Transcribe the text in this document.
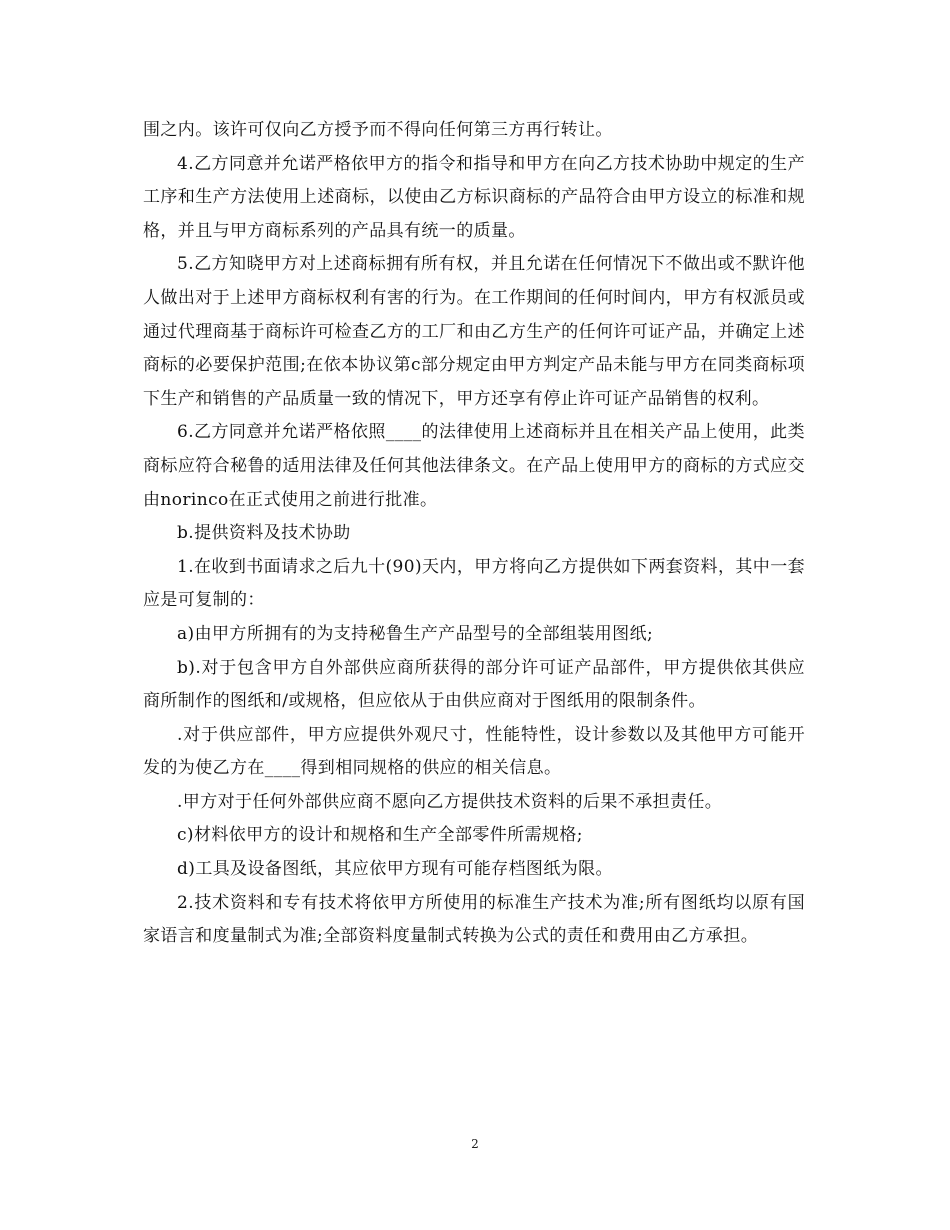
围之内。该许可仅向乙方授予而不得向任何第三方再行转让。

4.乙方同意并允诺严格依甲方的指令和指导和甲方在向乙方技术协助中规定的生产工序和生产方法使用上述商标，以使由乙方标识商标的产品符合由甲方设立的标准和规格，并且与甲方商标系列的产品具有统一的质量。

5.乙方知晓甲方对上述商标拥有所有权，并且允诺在任何情况下不做出或不默许他人做出对于上述甲方商标权利有害的行为。在工作期间的任何时间内，甲方有权派员或通过代理商基于商标许可检查乙方的工厂和由乙方生产的任何许可证产品，并确定上述商标的必要保护范围;在依本协议第c部分规定由甲方判定产品未能与甲方在同类商标项下生产和销售的产品质量一致的情况下，甲方还享有停止许可证产品销售的权利。

6.乙方同意并允诺严格依照____的法律使用上述商标并且在相关产品上使用，此类商标应符合秘鲁的适用法律及任何其他法律条文。在产品上使用甲方的商标的方式应交由norinco在正式使用之前进行批准。

b.提供资料及技术协助

1.在收到书面请求之后九十(90)天内，甲方将向乙方提供如下两套资料，其中一套应是可复制的：

a)由甲方所拥有的为支持秘鲁生产产品型号的全部组装用图纸;

b).对于包含甲方自外部供应商所获得的部分许可证产品部件，甲方提供依其供应商所制作的图纸和/或规格，但应依从于由供应商对于图纸用的限制条件。

.对于供应部件，甲方应提供外观尺寸，性能特性，设计参数以及其他甲方可能开发的为使乙方在____得到相同规格的供应的相关信息。

.甲方对于任何外部供应商不愿向乙方提供技术资料的后果不承担责任。

c)材料依甲方的设计和规格和生产全部零件所需规格;

d)工具及设备图纸，其应依甲方现有可能存档图纸为限。

2.技术资料和专有技术将依甲方所使用的标准生产技术为准;所有图纸均以原有国家语言和度量制式为准;全部资料度量制式转换为公式的责任和费用由乙方承担。

2
